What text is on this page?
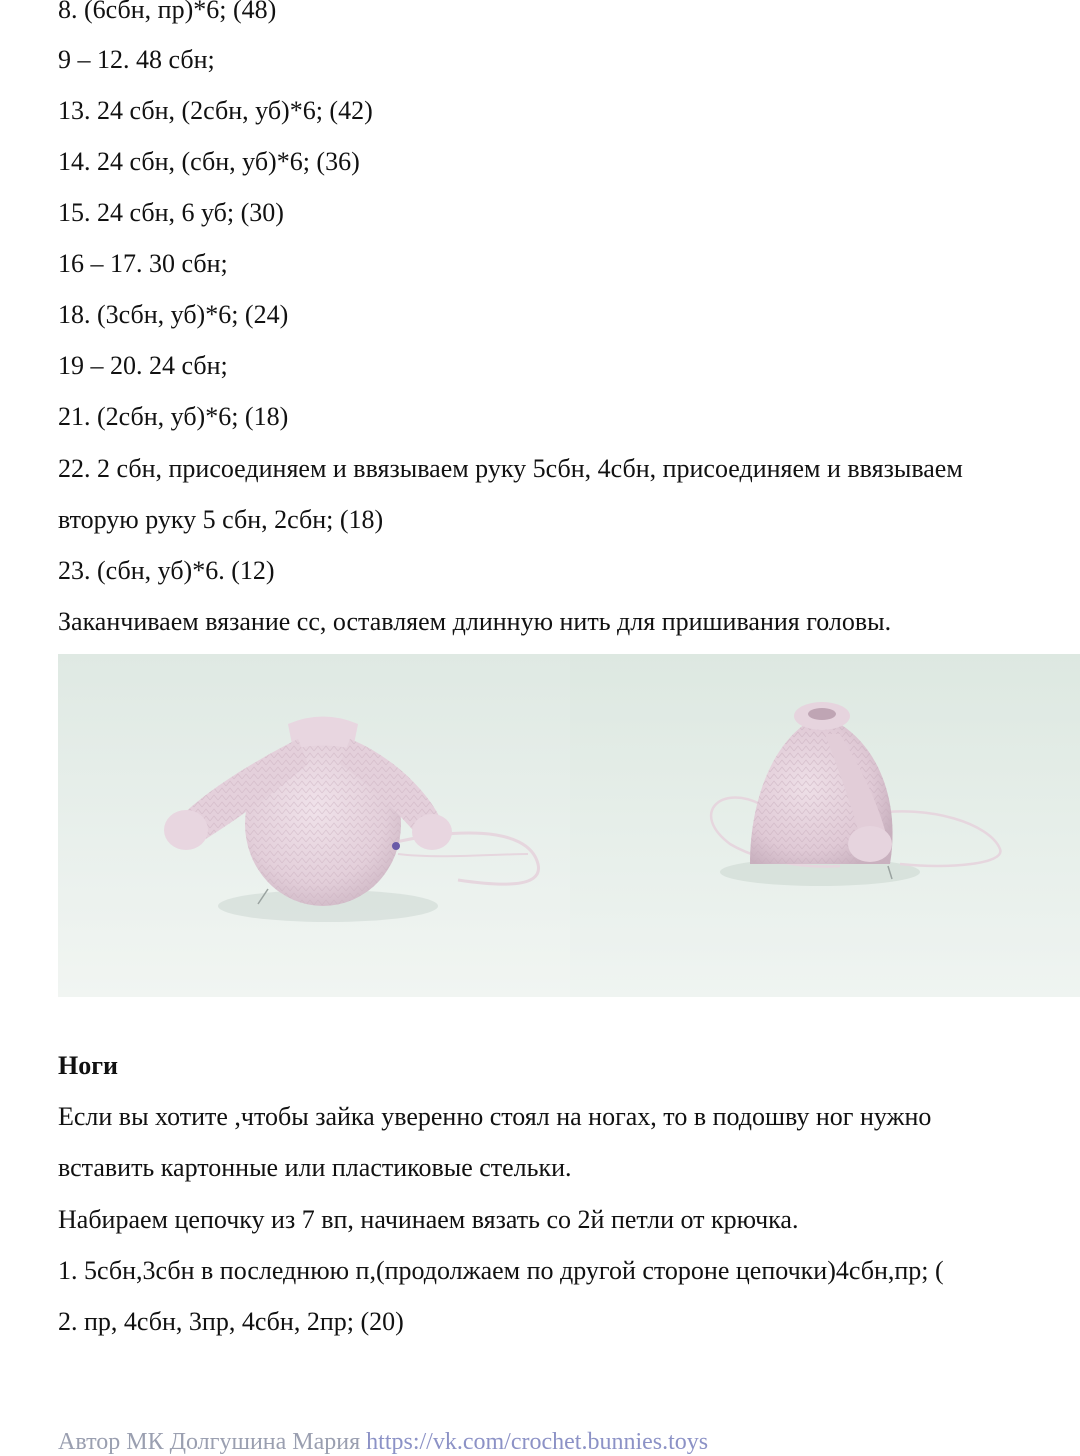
8. (6сбн, пр)*6; (48)
9 – 12. 48 сбн;
13. 24 сбн, (2сбн, уб)*6; (42)
14. 24 сбн, (сбн, уб)*6; (36)
15. 24 сбн, 6 уб; (30)
16 – 17. 30 сбн;
18. (3сбн, уб)*6; (24)
19 – 20. 24 сбн;
21. (2сбн, уб)*6; (18)
22. 2 сбн, присоединяем и ввязываем руку 5сбн, 4сбн, присоединяем и ввязываем
вторую руку 5 сбн, 2сбн; (18)
23. (сбн, уб)*6. (12)
Заканчиваем вязание сс, оставляем длинную нить для пришивания головы.
Ноги
Если вы хотите ,чтобы зайка уверенно стоял на ногах, то в подошву ног нужно
вставить картонные или пластиковые стельки.
Набираем цепочку из 7 вп, начинаем вязать со 2й петли от крючка.
1. 5сбн,3сбн в последнюю п,(продолжаем по другой стороне цепочки)4сбн,пр; (
2. пр, 4сбн, 3пр, 4сбн, 2пр; (20)
Автор МК Долгушина Мария https://vk.com/crochet.bunnies.toys
